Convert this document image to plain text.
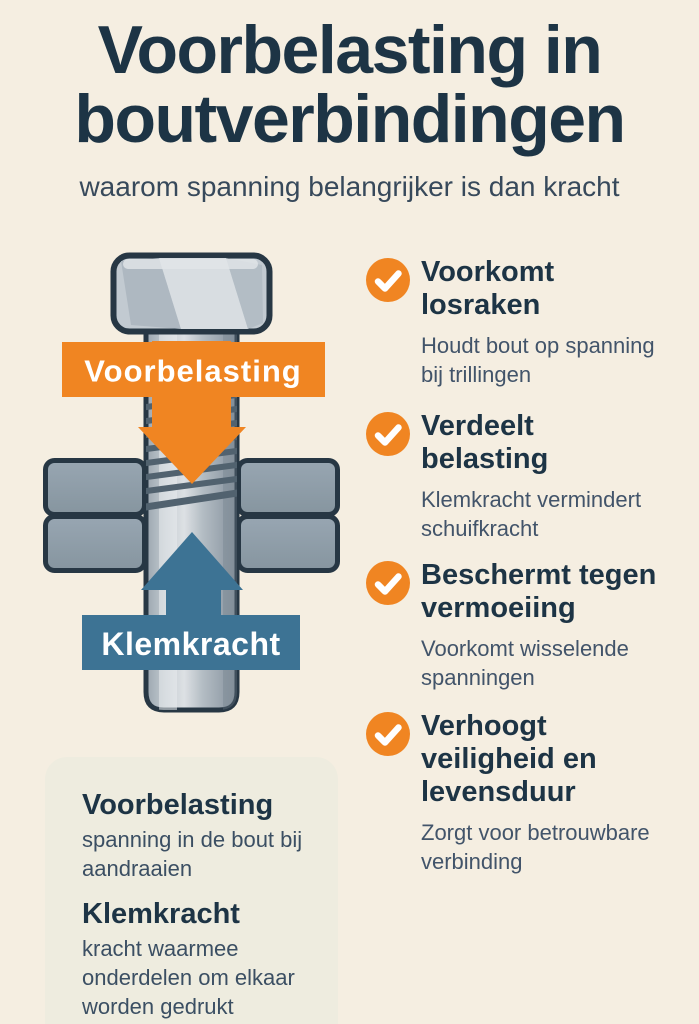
Voorbelasting in
boutverbindingen
waarom spanning belangrijker is dan kracht
Voorbelasting
Klemkracht
Voorkomt losraken
Houdt bout op spanning bij trillingen
Verdeelt belasting
Klemkracht vermindert schuifkracht
Beschermt tegen vermoeiing
Voorkomt wisselende spanningen
Verhoogt veiligheid en levensduur
Zorgt voor betrouwbare verbinding
Voorbelasting
spanning in de bout bij aandraaien
Klemkracht
kracht waarmee onderdelen om elkaar worden gedrukt
